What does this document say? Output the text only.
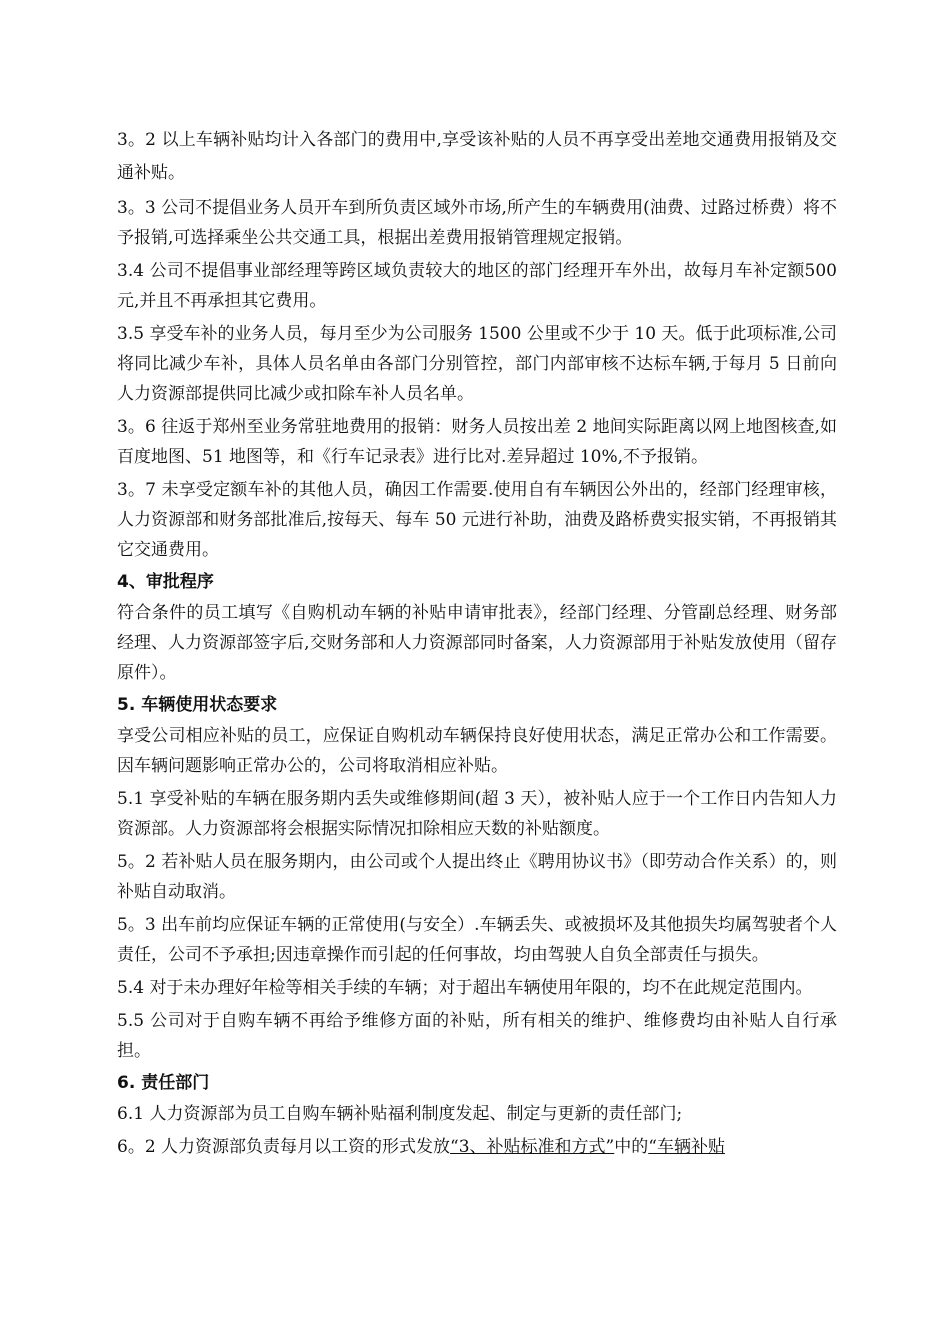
3。2 以上车辆补贴均计入各部门的费用中,享受该补贴的人员不再享受出差地交通费用报销及交通补贴。

3。3 公司不提倡业务人员开车到所负责区域外市场,所产生的车辆费用(油费、过路过桥费）将不予报销,可选择乘坐公共交通工具，根据出差费用报销管理规定报销。

3.4 公司不提倡事业部经理等跨区域负责较大的地区的部门经理开车外出，故每月车补定额500元,并且不再承担其它费用。

3.5 享受车补的业务人员，每月至少为公司服务 1500 公里或不少于 10 天。低于此项标准,公司将同比减少车补，具体人员名单由各部门分别管控，部门内部审核不达标车辆,于每月 5 日前向人力资源部提供同比减少或扣除车补人员名单。

3。6 往返于郑州至业务常驻地费用的报销：财务人员按出差 2 地间实际距离以网上地图核查,如百度地图、51 地图等，和《行车记录表》进行比对.差异超过 10%,不予报销。

3。7 未享受定额车补的其他人员，确因工作需要.使用自有车辆因公外出的，经部门经理审核，人力资源部和财务部批准后,按每天、每车 50 元进行补助，油费及路桥费实报实销，不再报销其它交通费用。

4、审批程序

符合条件的员工填写《自购机动车辆的补贴申请审批表》，经部门经理、分管副总经理、财务部经理、人力资源部签字后,交财务部和人力资源部同时备案，人力资源部用于补贴发放使用（留存原件）。

5. 车辆使用状态要求

享受公司相应补贴的员工，应保证自购机动车辆保持良好使用状态，满足正常办公和工作需要。因车辆问题影响正常办公的，公司将取消相应补贴。

5.1 享受补贴的车辆在服务期内丢失或维修期间(超 3 天），被补贴人应于一个工作日内告知人力资源部。人力资源部将会根据实际情况扣除相应天数的补贴额度。

5。2 若补贴人员在服务期内，由公司或个人提出终止《聘用协议书》（即劳动合作关系）的，则补贴自动取消。

5。3 出车前均应保证车辆的正常使用(与安全）.车辆丢失、或被损坏及其他损失均属驾驶者个人责任，公司不予承担;因违章操作而引起的任何事故，均由驾驶人自负全部责任与损失。

5.4 对于未办理好年检等相关手续的车辆；对于超出车辆使用年限的，均不在此规定范围内。

5.5 公司对于自购车辆不再给予维修方面的补贴，所有相关的维护、维修费均由补贴人自行承担。

6. 责任部门

6.1 人力资源部为员工自购车辆补贴福利制度发起、制定与更新的责任部门;

6。2 人力资源部负责每月以工资的形式发放“3、补贴标准和方式”中的“车辆补贴
